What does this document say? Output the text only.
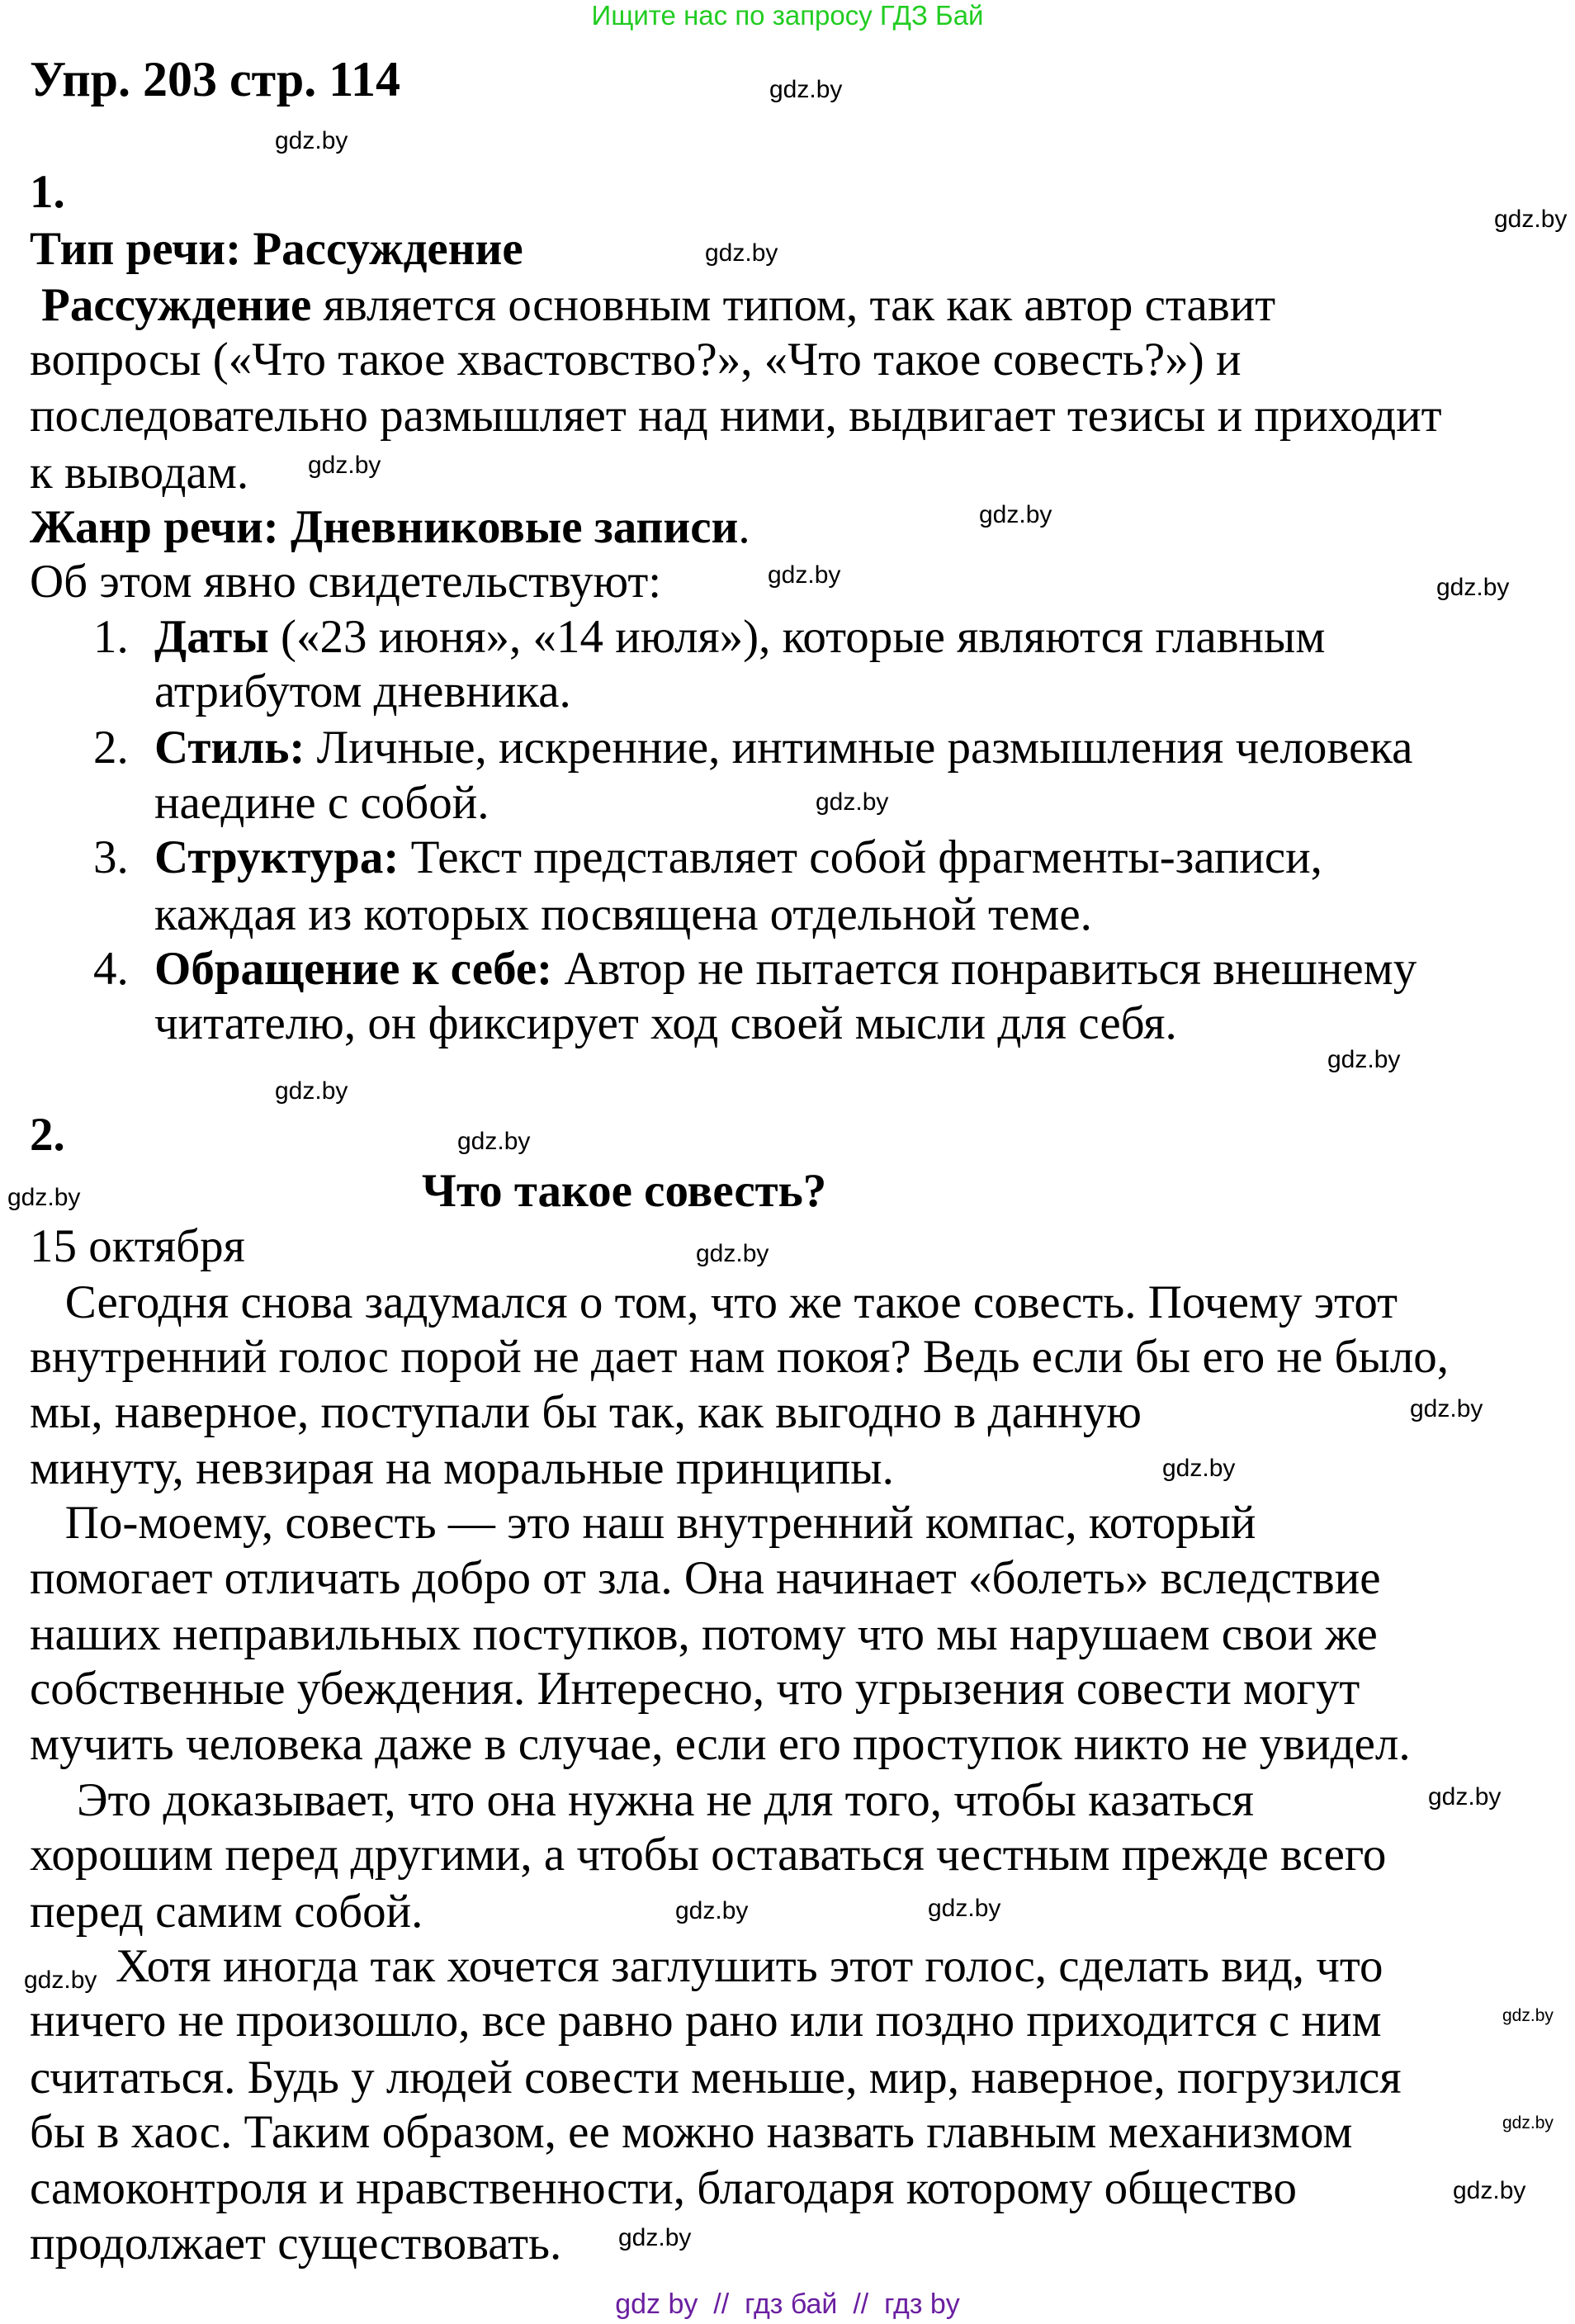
Ищите нас по запросу ГДЗ Бай
Упр. 203 стр. 114
1.
Тип речи: Рассуждение
Рассуждение является основным типом, так как автор ставит
вопросы («Что такое хвастовство?», «Что такое совесть?») и
последовательно размышляет над ними, выдвигает тезисы и приходит
к выводам.
Жанр речи: Дневниковые записи.
Об этом явно свидетельствуют:
1. Даты («23 июня», «14 июля»), которые являются главным
атрибутом дневника.
2. Стиль: Личные, искренние, интимные размышления человека
наедине с собой.
3. Структура: Текст представляет собой фрагменты-записи,
каждая из которых посвящена отдельной теме.
4. Обращение к себе: Автор не пытается понравиться внешнему
читателю, он фиксирует ход своей мысли для себя.
2.
Что такое совесть?
15 октября
Сегодня снова задумался о том, что же такое совесть. Почему этот
внутренний голос порой не дает нам покоя? Ведь если бы его не было,
мы, наверное, поступали бы так, как выгодно в данную
минуту, невзирая на моральные принципы.
По-моему, совесть — это наш внутренний компас, который
помогает отличать добро от зла. Она начинает «болеть» вследствие
наших неправильных поступков, потому что мы нарушаем свои же
собственные убеждения. Интересно, что угрызения совести могут
мучить человека даже в случае, если его проступок никто не увидел.
Это доказывает, что она нужна не для того, чтобы казаться
хорошим перед другими, а чтобы оставаться честным прежде всего
перед самим собой.
Хотя иногда так хочется заглушить этот голос, сделать вид, что
ничего не произошло, все равно рано или поздно приходится с ним
считаться. Будь у людей совести меньше, мир, наверное, погрузился
бы в хаос. Таким образом, ее можно назвать главным механизмом
самоконтроля и нравственности, благодаря которому общество
продолжает существовать.
gdz.by
gdz.by
gdz.by
gdz.by
gdz.by
gdz.by
gdz.by	gdz.by
gdz.by
gdz.by
gdz.by
gdz.by
gdz.by
gdz.by
gdz.by
gdz.by
gdz.by
gdz.by
gdz.by
gdz.by
gdz.by
gdz.by
gdz.by
gdz.by
gdz by  //  гдз бай  //  гдз by
